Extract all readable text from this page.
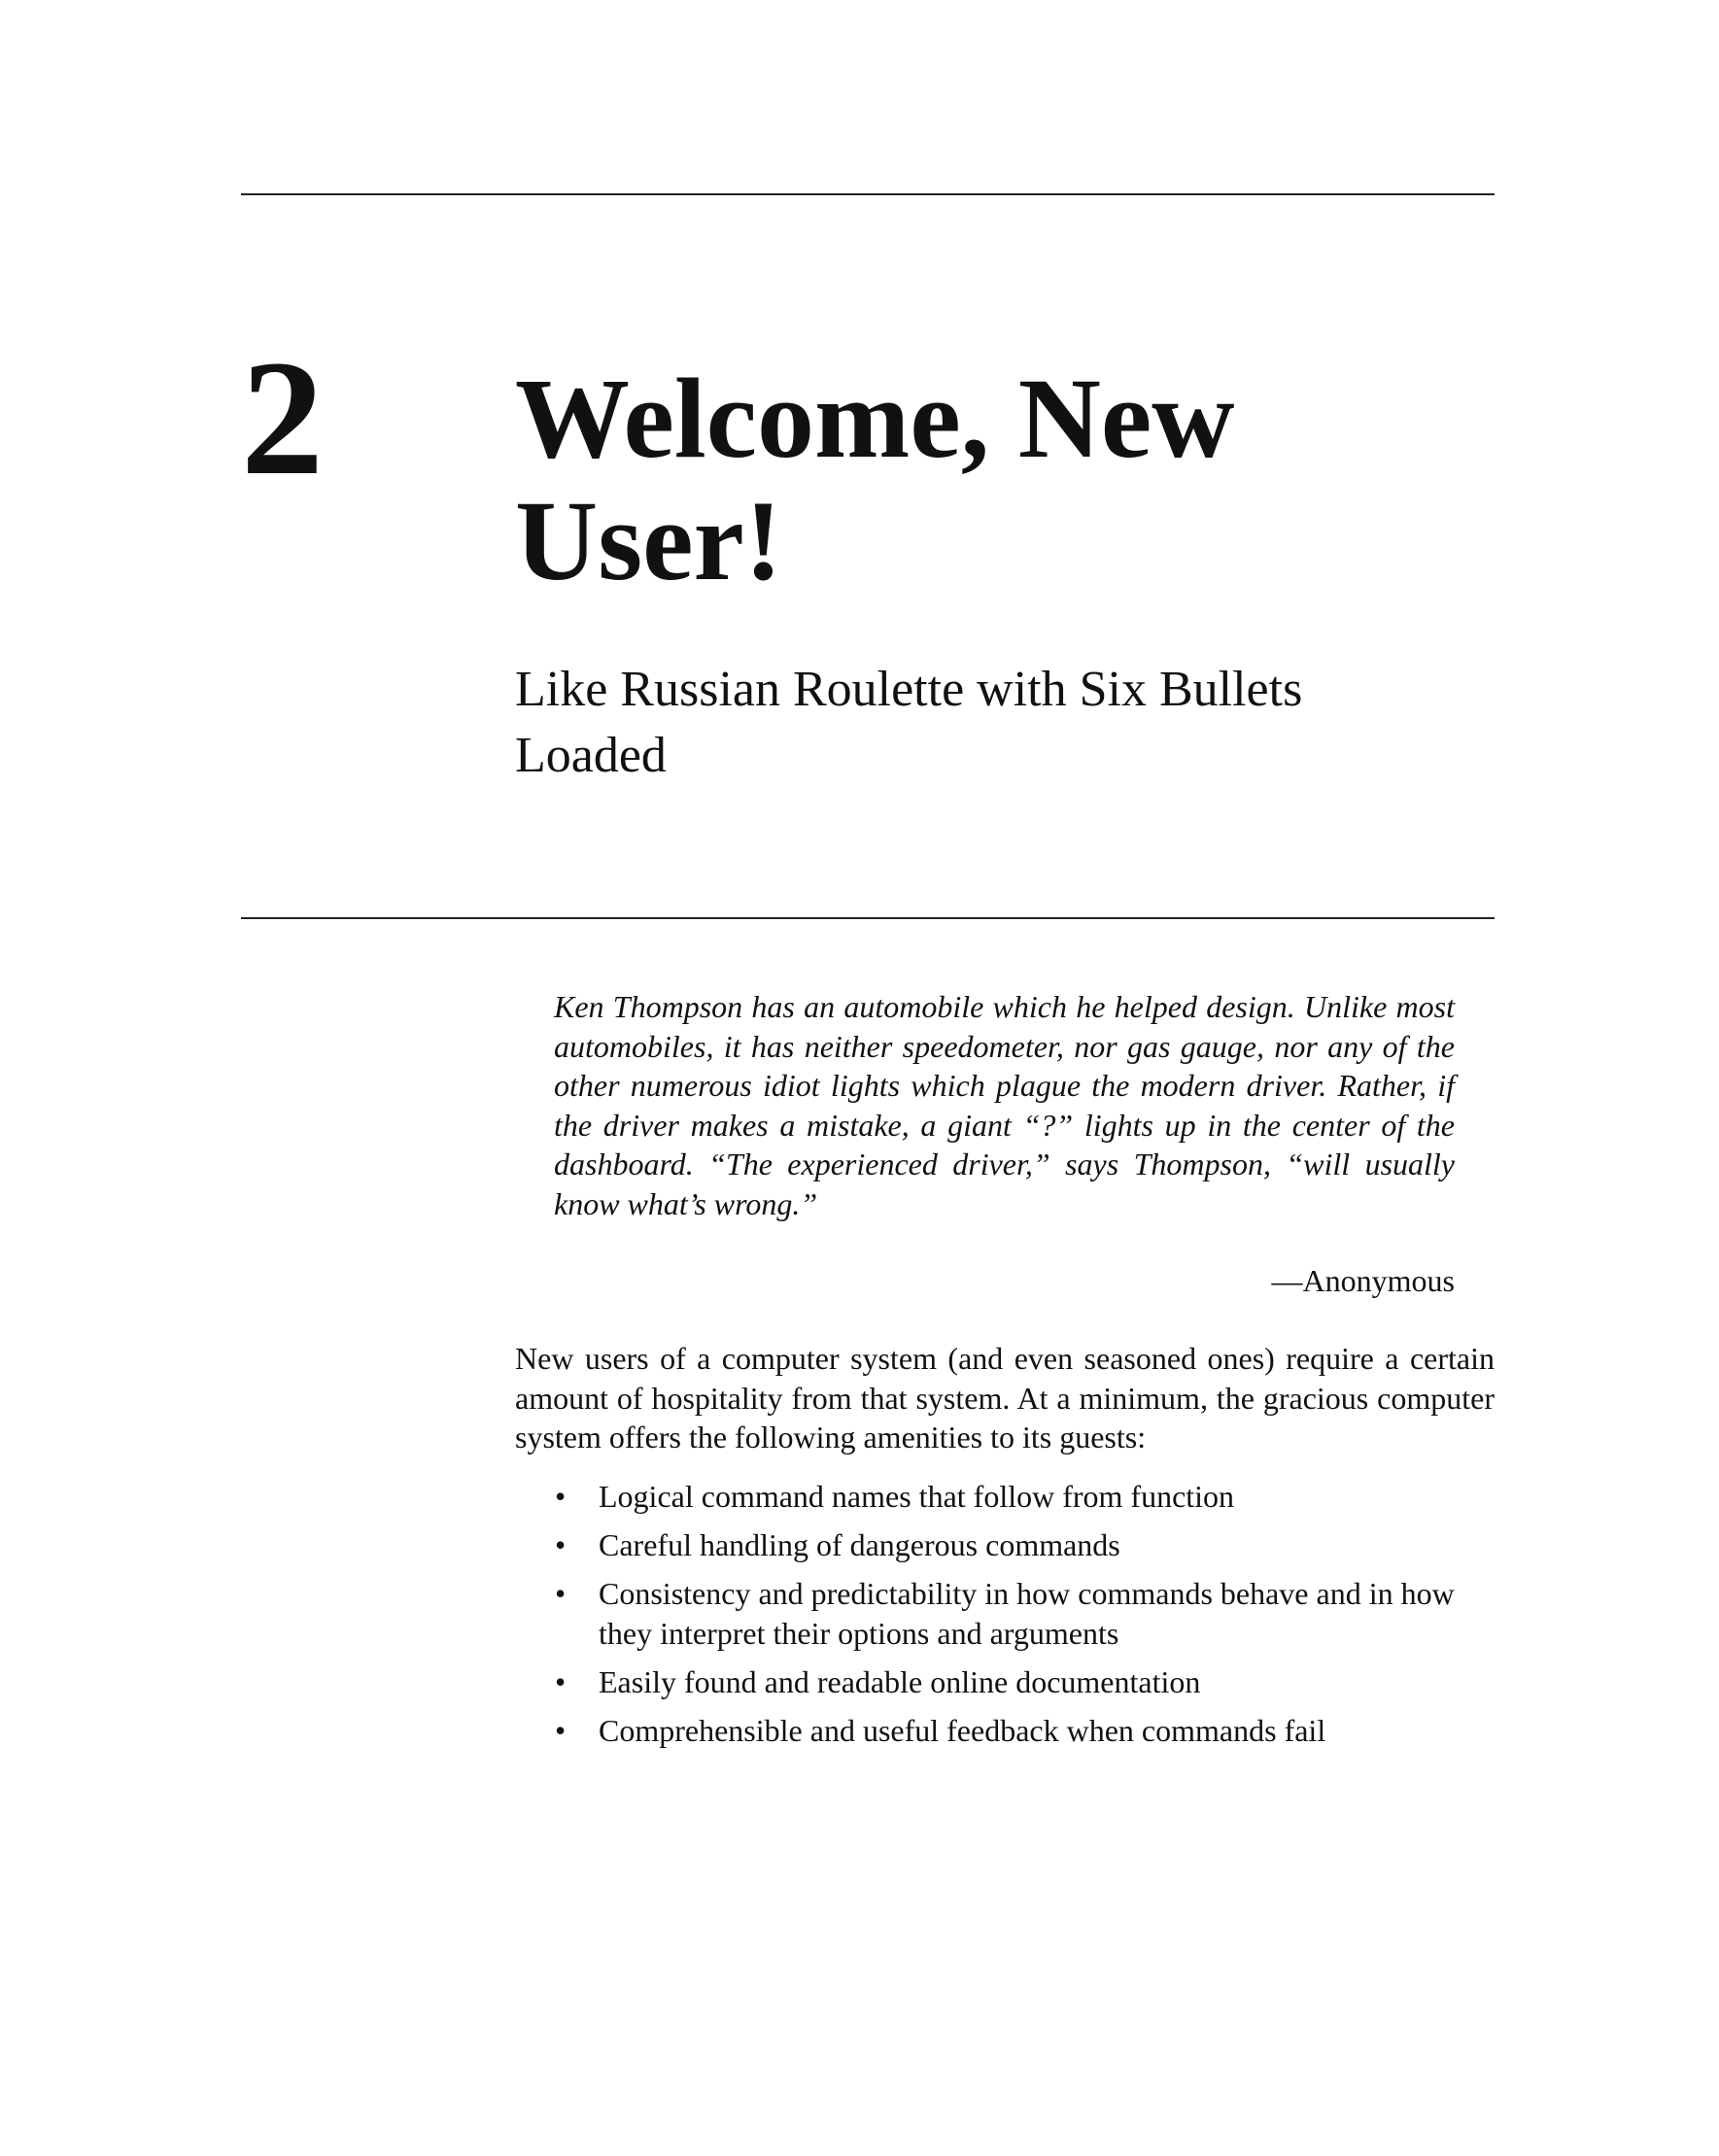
2 Welcome, New
User!
Like Russian Roulette with Six Bullets
Loaded

Ken Thompson has an automobile which he helped design. Unlike most automobiles, it has neither speedometer, nor gas gauge, nor any of the other numerous idiot lights which plague the modern driver. Rather, if the driver makes a mistake, a giant “?” lights up in the center of the dashboard. “The experienced driver,” says Thompson, “will usually know what’s wrong.”

—Anonymous

New users of a computer system (and even seasoned ones) require a certain amount of hospitality from that system. At a minimum, the gracious computer system offers the following amenities to its guests:

• Logical command names that follow from function
• Careful handling of dangerous commands
• Consistency and predictability in how commands behave and in how they interpret their options and arguments
• Easily found and readable online documentation
• Comprehensible and useful feedback when commands fail
